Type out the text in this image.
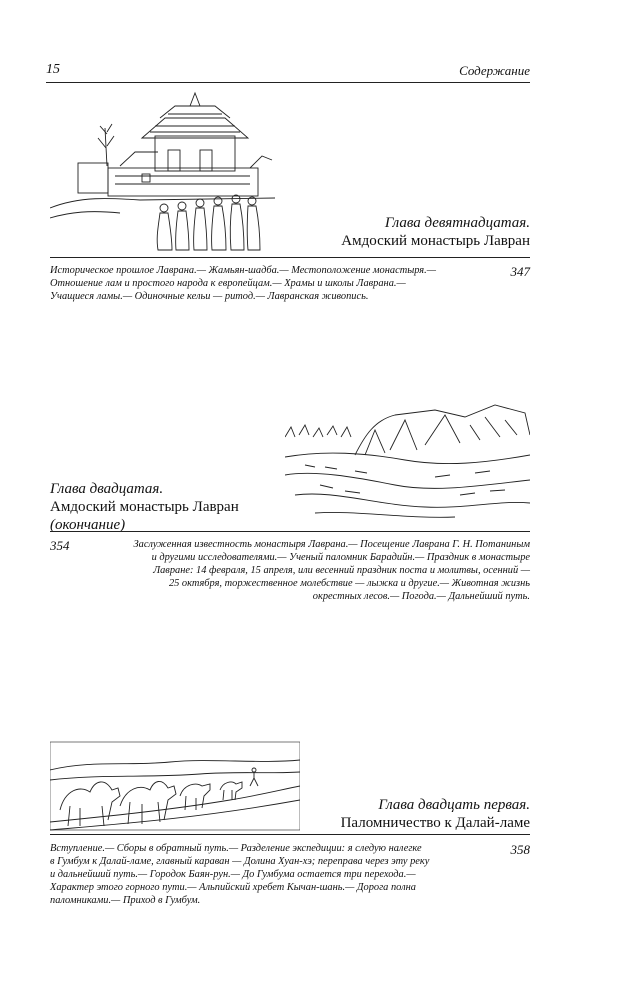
15	Содержание
Глава девятнадцатая.
Амдоский монастырь Лавран
Историческое прошлое Лаврана.— Жамьян-шадба.— Местоположение монастыря.—
Отношение лам и простого народа к европейцам.— Храмы и школы Лаврана.—
Учащиеся ламы.— Одиночные кельи — ритод.— Лавранская живопись.
347
Глава двадцатая.
Амдоский монастырь Лавран
(окончание)
354	Заслуженная известность монастыря Лаврана.— Посещение Лаврана Г. Н. Потаниным
и другими исследователями.— Ученый паломник Барадийн.— Праздник в монастыре
Лавране: 14 февраля, 15 апреля, или весенний праздник поста и молитвы, осенний —
25 октября, торжественное молебствие — лыжка и другие.— Животная жизнь
окрестных лесов.— Погода.— Дальнейший путь.
Глава двадцать первая.
Паломничество к Далай-ламе
Вступление.— Сборы в обратный путь.— Разделение экспедиции: я следую налегке
в Гумбум к Далай-ламе, главный караван — Долина Хуан-хэ; переправа через эту реку
и дальнейший путь.— Городок Баян-рун.— До Гумбума остается три перехода.—
Характер этого горного пути.— Альпийский хребет Кычан-шань.— Дорога полна
паломниками.— Приход в Гумбум.
358
